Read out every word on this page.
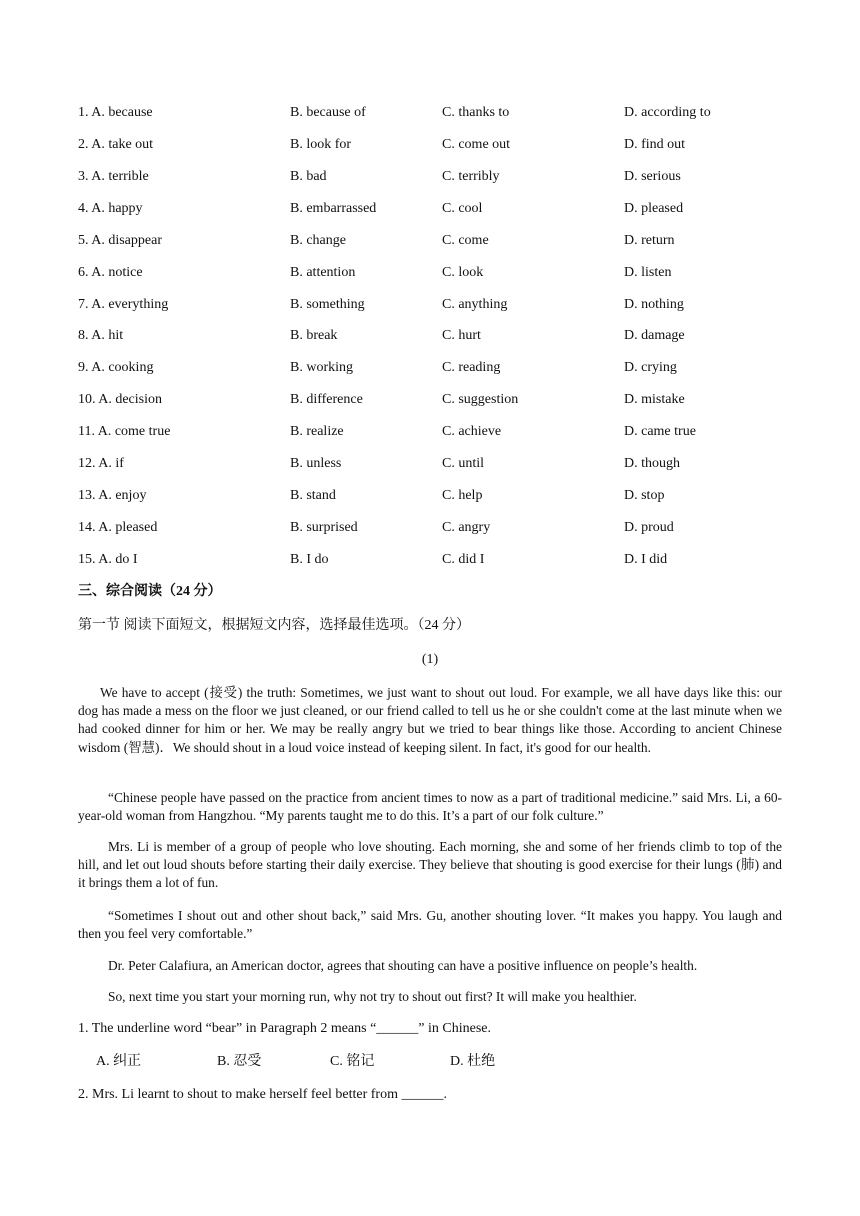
1. A. because	B. because of	C. thanks to	D. according to
2. A. take out	B. look for	C. come out	D. find out
3. A. terrible	B. bad	C. terribly	D. serious
4. A. happy	B. embarrassed	C. cool	D. pleased
5. A. disappear	B. change	C. come	D. return
6. A. notice	B. attention	C. look	D. listen
7. A. everything	B. something	C. anything	D. nothing
8. A. hit	B. break	C. hurt	D. damage
9. A. cooking	B. working	C. reading	D. crying
10. A. decision	B. difference	C. suggestion	D. mistake
11. A. come true	B. realize	C. achieve	D. came true
12. A. if	B. unless	C. until	D. though
13. A. enjoy	B. stand	C. help	D. stop
14. A. pleased	B. surprised	C. angry	D. proud
15. A. do I	B. I do	C. did I	D. I did
三、综合阅读（24 分）
第一节 阅读下面短文，根据短文内容，选择最佳选项。（24 分）
(1)

We have to accept (接受) the truth: Sometimes, we just want to shout out loud. For example, we all have days like this: our dog has made a mess on the floor we just cleaned, or our friend called to tell us he or she couldn't come at the last minute when we had cooked dinner for him or her. We may be really angry but we tried to bear things like those. According to ancient Chinese wisdom (智慧)．We should shout in a loud voice instead of keeping silent. In fact, it's good for our health.

“Chinese people have passed on the practice from ancient times to now as a part of traditional medicine.” said Mrs. Li, a 60-year-old woman from Hangzhou. “My parents taught me to do this. It’s a part of our folk culture.”

Mrs. Li is member of a group of people who love shouting. Each morning, she and some of her friends climb to top of the hill, and let out loud shouts before starting their daily exercise. They believe that shouting is good exercise for their lungs (肺) and it brings them a lot of fun.

“Sometimes I shout out and other shout back,” said Mrs. Gu, another shouting lover. “It makes you happy. You laugh and then you feel very comfortable.”

Dr. Peter Calafiura, an American doctor, agrees that shouting can have a positive influence on people’s health.

So, next time you start your morning run, why not try to shout out first? It will make you healthier.

1. The underline word “bear” in Paragraph 2 means “______” in Chinese.
A. 纠正	B. 忍受	C. 铭记	D. 杜绝
2. Mrs. Li learnt to shout to make herself feel better from ______.
